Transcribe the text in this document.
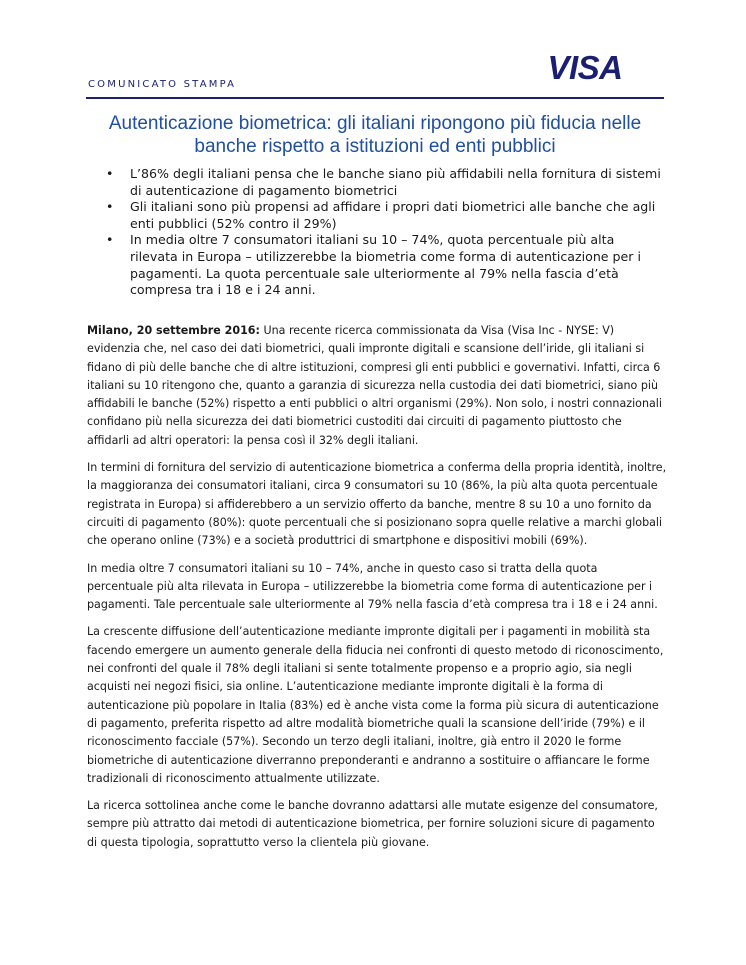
COMUNICATO STAMPA	VISA
Autenticazione biometrica: gli italiani ripongono più fiducia nelle
banche rispetto a istituzioni ed enti pubblici
• L’86% degli italiani pensa che le banche siano più affidabili nella fornitura di sistemi di autenticazione di pagamento biometrici
• Gli italiani sono più propensi ad affidare i propri dati biometrici alle banche che agli enti pubblici (52% contro il 29%)
• In media oltre 7 consumatori italiani su 10 – 74%, quota percentuale più alta rilevata in Europa – utilizzerebbe la biometria come forma di autenticazione per i pagamenti. La quota percentuale sale ulteriormente al 79% nella fascia d’età compresa tra i 18 e i 24 anni.

Milano, 20 settembre 2016: Una recente ricerca commissionata da Visa (Visa Inc - NYSE: V) evidenzia che, nel caso dei dati biometrici, quali impronte digitali e scansione dell’iride, gli italiani si fidano di più delle banche che di altre istituzioni, compresi gli enti pubblici e governativi. Infatti, circa 6 italiani su 10 ritengono che, quanto a garanzia di sicurezza nella custodia dei dati biometrici, siano più affidabili le banche (52%) rispetto a enti pubblici o altri organismi (29%). Non solo, i nostri connazionali confidano più nella sicurezza dei dati biometrici custoditi dai circuiti di pagamento piuttosto che affidarli ad altri operatori: la pensa così il 32% degli italiani.

In termini di fornitura del servizio di autenticazione biometrica a conferma della propria identità, inoltre, la maggioranza dei consumatori italiani, circa 9 consumatori su 10 (86%, la più alta quota percentuale registrata in Europa) si affiderebbero a un servizio offerto da banche, mentre 8 su 10 a uno fornito da circuiti di pagamento (80%): quote percentuali che si posizionano sopra quelle relative a marchi globali che operano online (73%) e a società produttrici di smartphone e dispositivi mobili (69%).

In media oltre 7 consumatori italiani su 10 – 74%, anche in questo caso si tratta della quota percentuale più alta rilevata in Europa – utilizzerebbe la biometria come forma di autenticazione per i pagamenti. Tale percentuale sale ulteriormente al 79% nella fascia d’età compresa tra i 18 e i 24 anni.

La crescente diffusione dell’autenticazione mediante impronte digitali per i pagamenti in mobilità sta facendo emergere un aumento generale della fiducia nei confronti di questo metodo di riconoscimento, nei confronti del quale il 78% degli italiani si sente totalmente propenso e a proprio agio, sia negli acquisti nei negozi fisici, sia online. L’autenticazione mediante impronte digitali è la forma di autenticazione più popolare in Italia (83%) ed è anche vista come la forma più sicura di autenticazione di pagamento, preferita rispetto ad altre modalità biometriche quali la scansione dell’iride (79%) e il riconoscimento facciale (57%). Secondo un terzo degli italiani, inoltre, già entro il 2020 le forme biometriche di autenticazione diverranno preponderanti e andranno a sostituire o affiancare le forme tradizionali di riconoscimento attualmente utilizzate.

La ricerca sottolinea anche come le banche dovranno adattarsi alle mutate esigenze del consumatore, sempre più attratto dai metodi di autenticazione biometrica, per fornire soluzioni sicure di pagamento di questa tipologia, soprattutto verso la clientela più giovane.
